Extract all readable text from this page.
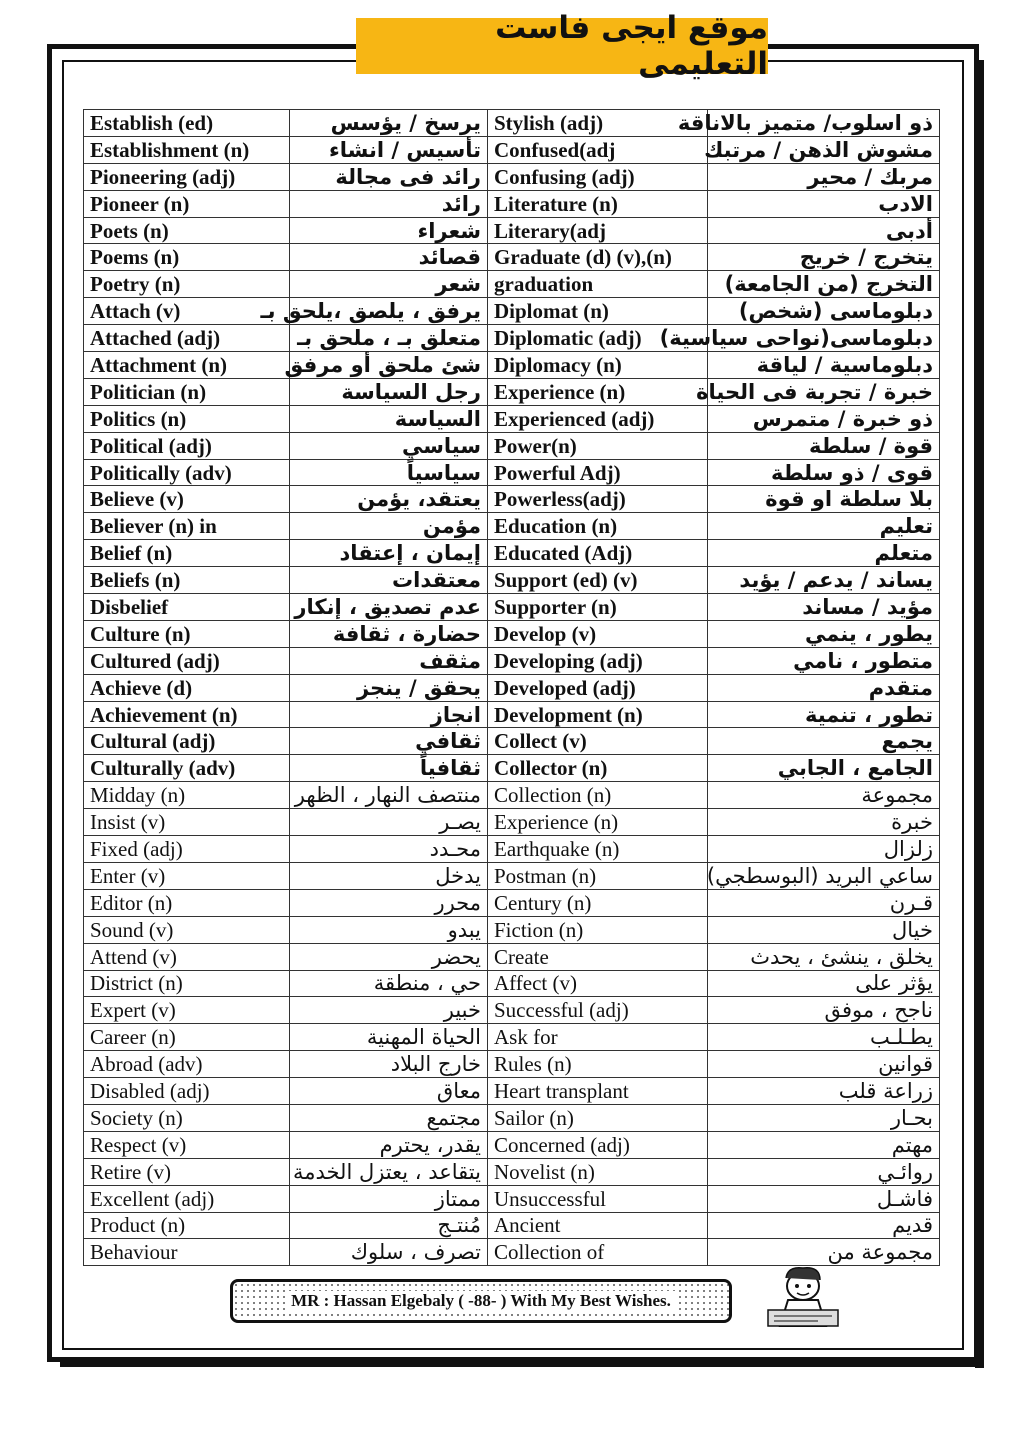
موقع ايجى فاست التعليمى
Establish (ed)	يرسخ / يؤسس	Stylish (adj)	ذو اسلوب/ متميز بالاناقة
Establishment (n)	تأسيس / انشاء	Confused(adj	مشوش الذهن / مرتبك
Pioneering (adj)	رائد فى مجالة	Confusing (adj)	مربك / محير
Pioneer (n)	رائد	Literature (n)	الادب
Poets (n)	شعراء	Literary(adj	أدبى
Poems (n)	قصائد	Graduate (d) (v),(n)	يتخرج / خريج
Poetry (n)	شعر	graduation	التخرج (من الجامعة)
Attach (v)	يرفق ، يلصق ،يلحق بـ	Diplomat (n)	دبلوماسى (شخص)
Attached (adj)	متعلق بـ ، ملحق بـ	Diplomatic (adj)	دبلوماسى(نواحى سياسية)
Attachment (n)	شئ ملحق أو مرفق	Diplomacy (n)	دبلوماسية / لياقة
Politician (n)	رجل السياسة	Experience (n)	خبرة / تجربة فى الحياة
Politics (n)	السياسة	Experienced (adj)	ذو خبرة / متمرس
Political (adj)	سياسي	Power(n)	قوة / سلطة
Politically (adv)	سياسياً	Powerful Adj)	قوى / ذو سلطة
Believe (v)	يعتقد، يؤمن	Powerless(adj)	بلا سلطة او قوة
Believer (n) in	مؤمن	Education (n)	تعليم
Belief (n)	إيمان ، إعتقاد	Educated (Adj)	متعلم
Beliefs (n)	معتقدات	Support (ed) (v)	يساند / يدعم / يؤيد
Disbelief	عدم تصديق ، إنكار	Supporter (n)	مؤيد / مساند
Culture (n)	حضارة ، ثقافة	Develop (v)	يطور ، ينمي
Cultured (adj)	مثقف	Developing (adj)	متطور ، نامي
Achieve (d)	يحقق / ينجز	Developed (adj)	متقدم
Achievement (n)	انجاز	Development (n)	تطور ، تنمية
Cultural (adj)	ثقافي	Collect (v)	يجمع
Culturally (adv)	ثقافياً	Collector (n)	الجامع ، الجابي
Midday (n)	منتصف النهار ، الظهر	Collection (n)	مجموعة
Insist (v)	يصـر	Experience (n)	خبرة
Fixed (adj)	محـدد	Earthquake (n)	زلزال
Enter (v)	يدخل	Postman (n)	ساعي البريد (البوسطجي)
Editor (n)	محرر	Century (n)	قـرن
Sound (v)	يبدو	Fiction (n)	خيال
Attend (v)	يحضر	Create	يخلق ، ينشئ ، يحدث
District (n)	حي ، منطقة	Affect (v)	يؤثر على
Expert (v)	خبير	Successful (adj)	ناجح ، موفق
Career (n)	الحياة المهنية	Ask for	يطـلـب
Abroad (adv)	خارج البلاد	Rules (n)	قوانين
Disabled (adj)	معاق	Heart transplant	زراعة قلب
Society (n)	مجتمع	Sailor (n)	بحـار
Respect (v)	يقدر، يحترم	Concerned (adj)	مهتم
Retire (v)	يتقاعد ، يعتزل الخدمة	Novelist (n)	روائـي
Excellent (adj)	ممتاز	Unsuccessful	فاشـل
Product (n)	مُنتـج	Ancient	قديم
Behaviour	تصرف ، سلوك	Collection of	مجموعة من
MR : Hassan Elgebaly ( -88- ) With My Best Wishes.
